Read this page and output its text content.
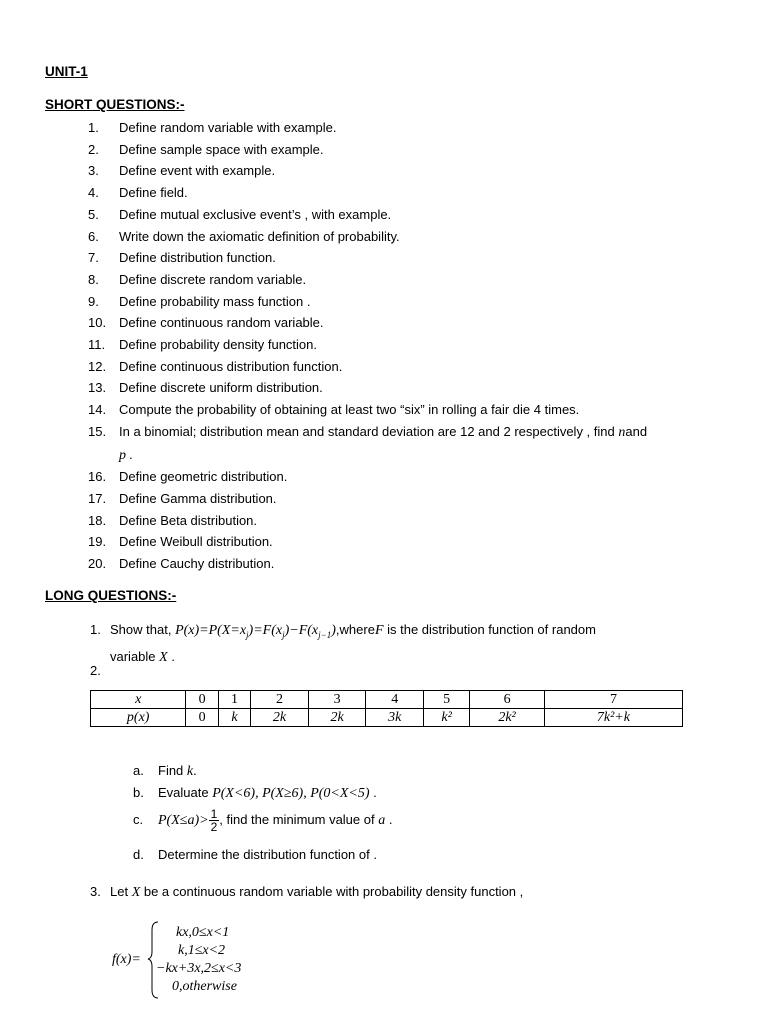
UNIT-1
SHORT QUESTIONS:-
1.	Define random variable with example.
2.	Define sample space with example.
3.	Define event with example.
4.	Define field.
5.	Define mutual exclusive event’s , with example.
6.	Write down the axiomatic definition of probability.
7.	Define distribution function.
8.	Define discrete random variable.
9.	Define probability mass function .
10. Define continuous random variable.
11.	Define probability density function.
12. Define continuous distribution function.
13. Define discrete uniform distribution.
14. Compute the probability of obtaining at least two “six” in rolling a fair die 4 times.
15. In a binomial; distribution mean and standard deviation are 12 and 2 respectively , find nand
p .
16. Define geometric distribution.
17. Define Gamma distribution.
18. Define Beta distribution.
19. Define Weibull distribution.
20. Define Cauchy distribution.
LONG QUESTIONS:-
1. Show that, $P(x)=P(X=x_j)=F(x_j)-F(x_{j-1}),whereF$ is the distribution function of random
variable X .
2.
x	0	1	2	3	4	5	6	7
p(x)	0	k	2k	2k	3k	k²	2k²	7k²+k
a. Find k.
b. Evaluate P(X<6), P(X≥6), P(0<X<5) .
c. $P(X\le a)> \frac{1}{2}$ , find the minimum value of a .
d. Determine the distribution function of .
3. Let X be a continuous random variable with probability density function ,
f(x)=
kx,0≤x<1
k,1≤x<2
−kx+3x,2≤x<3
0,otherwise
